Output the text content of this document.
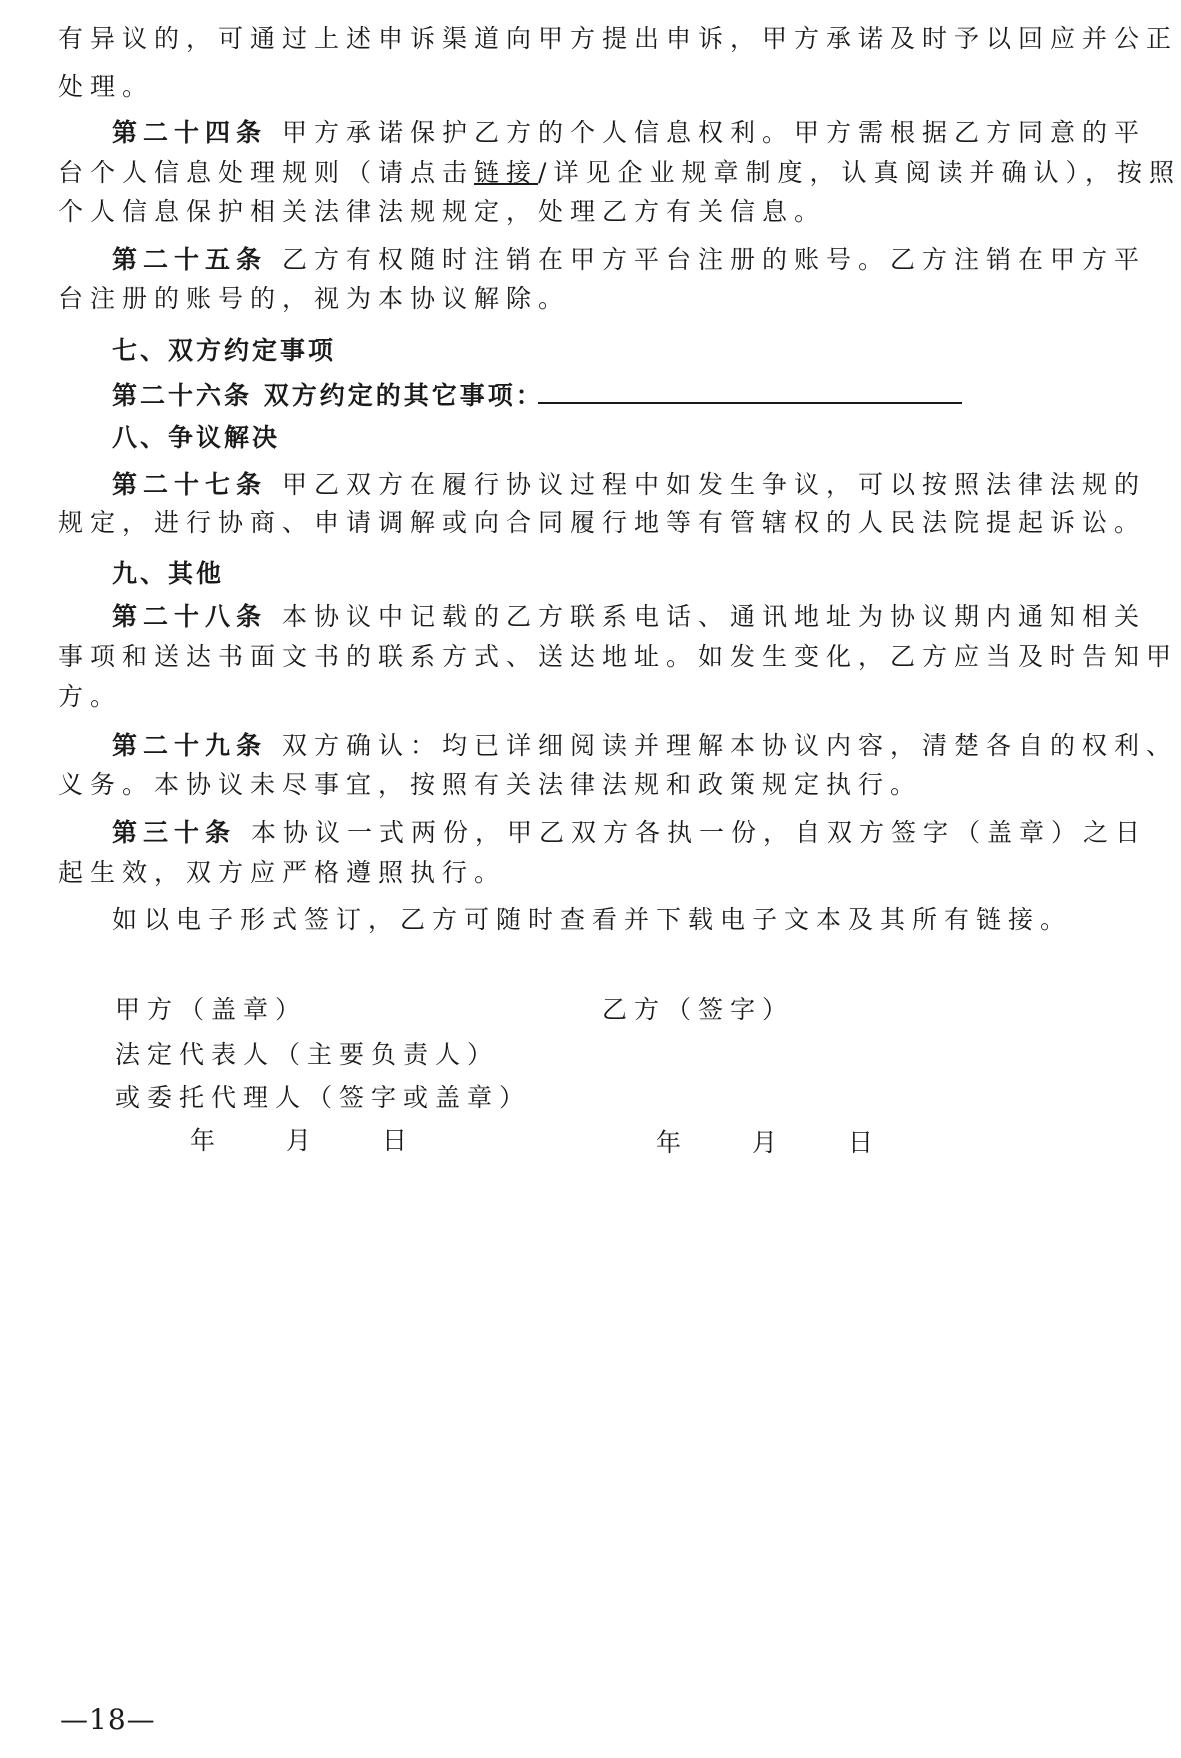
有异议的，可通过上述申诉渠道向甲方提出申诉，甲方承诺及时予以回应并公正
处理。
第二十四条 甲方承诺保护乙方的个人信息权利。甲方需根据乙方同意的平
台个人信息处理规则（请点击链接/详见企业规章制度，认真阅读并确认），按照
个人信息保护相关法律法规规定，处理乙方有关信息。
第二十五条 乙方有权随时注销在甲方平台注册的账号。乙方注销在甲方平
台注册的账号的，视为本协议解除。
七、双方约定事项
第二十六条 双方约定的其它事项：
八、争议解决
第二十七条 甲乙双方在履行协议过程中如发生争议，可以按照法律法规的
规定，进行协商、申请调解或向合同履行地等有管辖权的人民法院提起诉讼。
九、其他
第二十八条 本协议中记载的乙方联系电话、通讯地址为协议期内通知相关
事项和送达书面文书的联系方式、送达地址。如发生变化，乙方应当及时告知甲
方。
第二十九条 双方确认：均已详细阅读并理解本协议内容，清楚各自的权利、
义务。本协议未尽事宜，按照有关法律法规和政策规定执行。
第三十条 本协议一式两份，甲乙双方各执一份，自双方签字（盖章）之日
起生效，双方应严格遵照执行。
如以电子形式签订，乙方可随时查看并下载电子文本及其所有链接。
甲方（盖章）	乙方（签字）
法定代表人（主要负责人）
或委托代理人（签字或盖章）
年　　月　　日	年　　月　　日
—18—
